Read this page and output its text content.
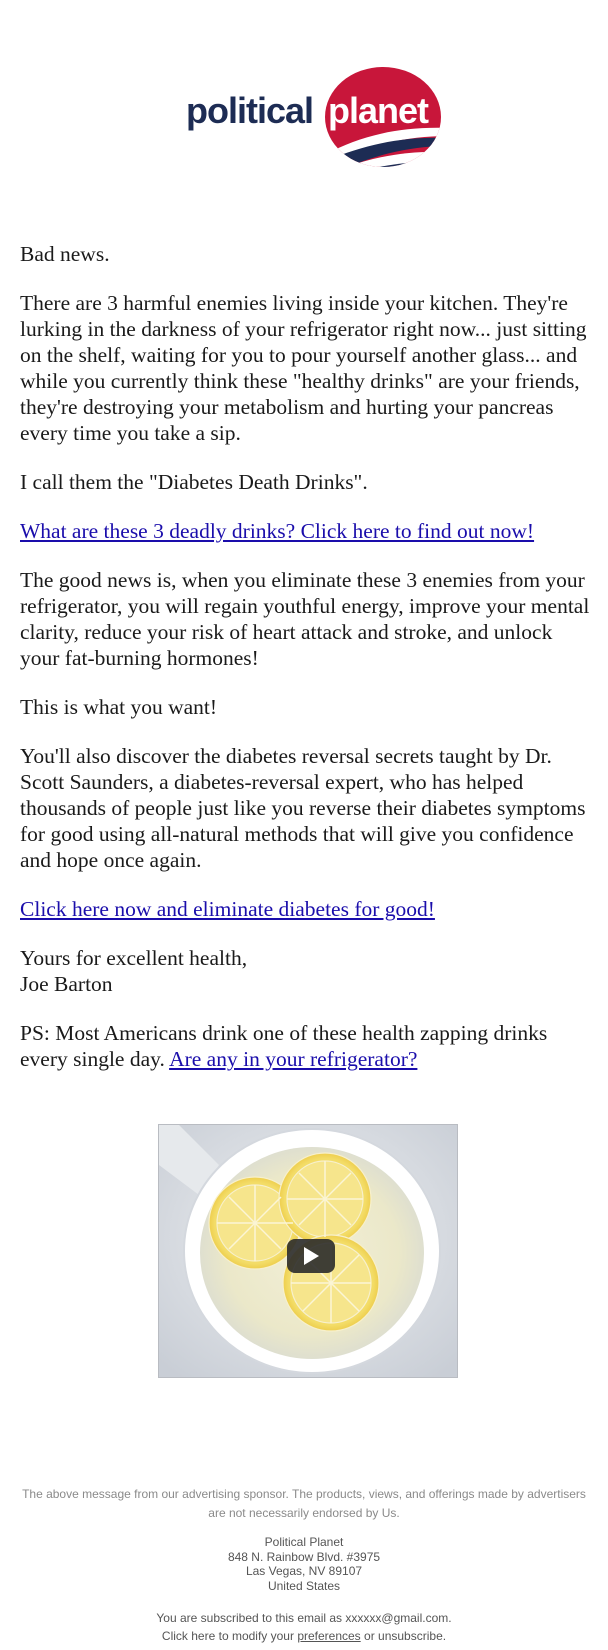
political planet

Bad news.

There are 3 harmful enemies living inside your kitchen. They're lurking in the darkness of your refrigerator right now... just sitting on the shelf, waiting for you to pour yourself another glass... and while you currently think these "healthy drinks" are your friends, they're destroying your metabolism and hurting your pancreas every time you take a sip.

I call them the "Diabetes Death Drinks".

What are these 3 deadly drinks? Click here to find out now!

The good news is, when you eliminate these 3 enemies from your refrigerator, you will regain youthful energy, improve your mental clarity, reduce your risk of heart attack and stroke, and unlock your fat-burning hormones!

This is what you want!

You'll also discover the diabetes reversal secrets taught by Dr. Scott Saunders, a diabetes-reversal expert, who has helped thousands of people just like you reverse their diabetes symptoms for good using all-natural methods that will give you confidence and hope once again.

Click here now and eliminate diabetes for good!

Yours for excellent health,
Joe Barton

PS: Most Americans drink one of these health zapping drinks every single day. Are any in your refrigerator?

The above message from our advertising sponsor. The products, views, and offerings made by advertisers are not necessarily endorsed by Us.

Political Planet
848 N. Rainbow Blvd. #3975
Las Vegas, NV 89107
United States
You are subscribed to this email as xxxxxx@gmail.com.
Click here to modify your preferences or unsubscribe.
